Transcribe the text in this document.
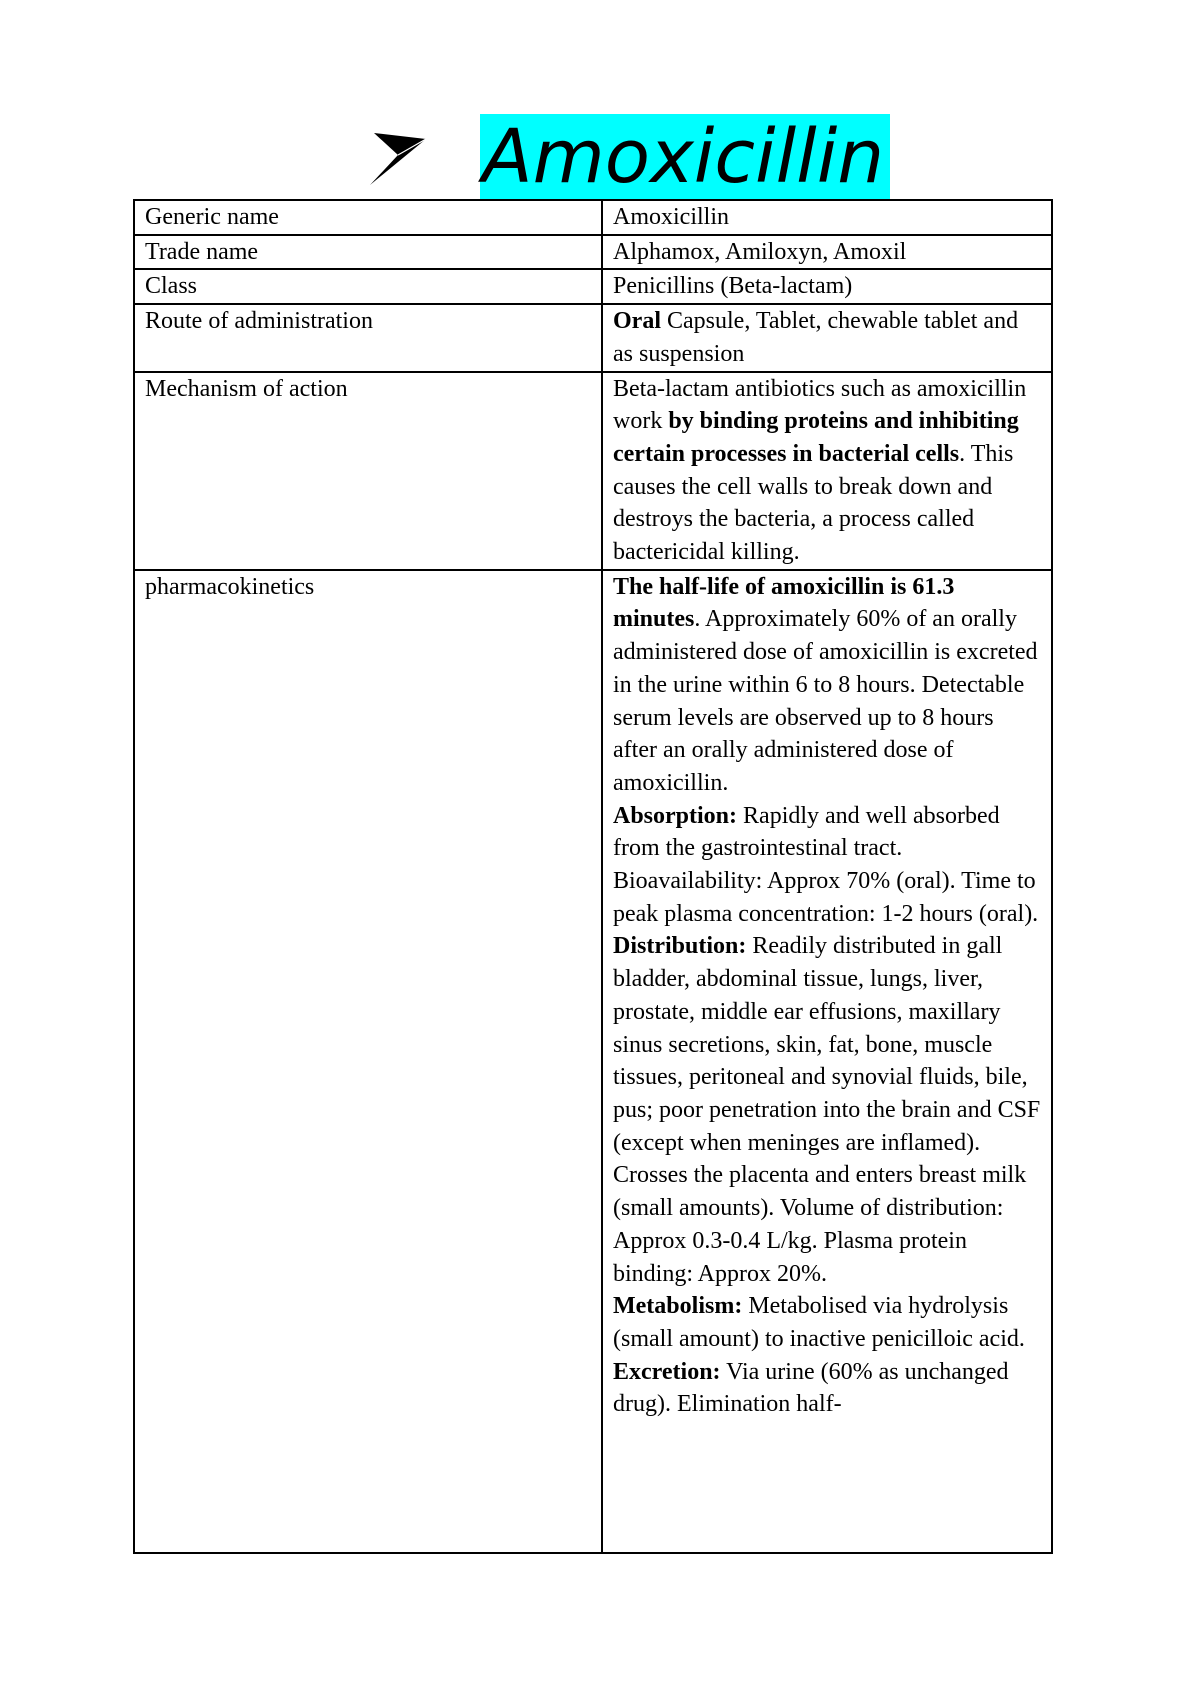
Amoxicillin
Generic name	Amoxicillin

Trade name	Alphamox, Amiloxyn, Amoxil

Class	Penicillins (Beta-lactam)

Route of administration	Oral Capsule, Tablet, chewable tablet and as suspension

Mechanism of action	Beta-lactam antibiotics such as amoxicillin work by binding proteins and inhibiting certain processes in bacterial cells. This causes the cell walls to break down and destroys the bacteria, a process called bactericidal killing.

pharmacokinetics	The half-life of amoxicillin is 61.3 minutes. Approximately 60% of an orally administered dose of amoxicillin is excreted in the urine within 6 to 8 hours. Detectable serum levels are observed up to 8 hours after an orally administered dose of amoxicillin.
Absorption: Rapidly and well absorbed from the gastrointestinal tract. Bioavailability: Approx 70% (oral). Time to peak plasma concentration: 1-2 hours (oral).
Distribution: Readily distributed in gall bladder, abdominal tissue, lungs, liver, prostate, middle ear effusions, maxillary sinus secretions, skin, fat, bone, muscle tissues, peritoneal and synovial fluids, bile, pus; poor penetration into the brain and CSF (except when meninges are inflamed). Crosses the placenta and enters breast milk (small amounts). Volume of distribution: Approx 0.3-0.4 L/kg. Plasma protein binding: Approx 20%.
Metabolism: Metabolised via hydrolysis (small amount) to inactive penicilloic acid.
Excretion: Via urine (60% as unchanged drug). Elimination half-
